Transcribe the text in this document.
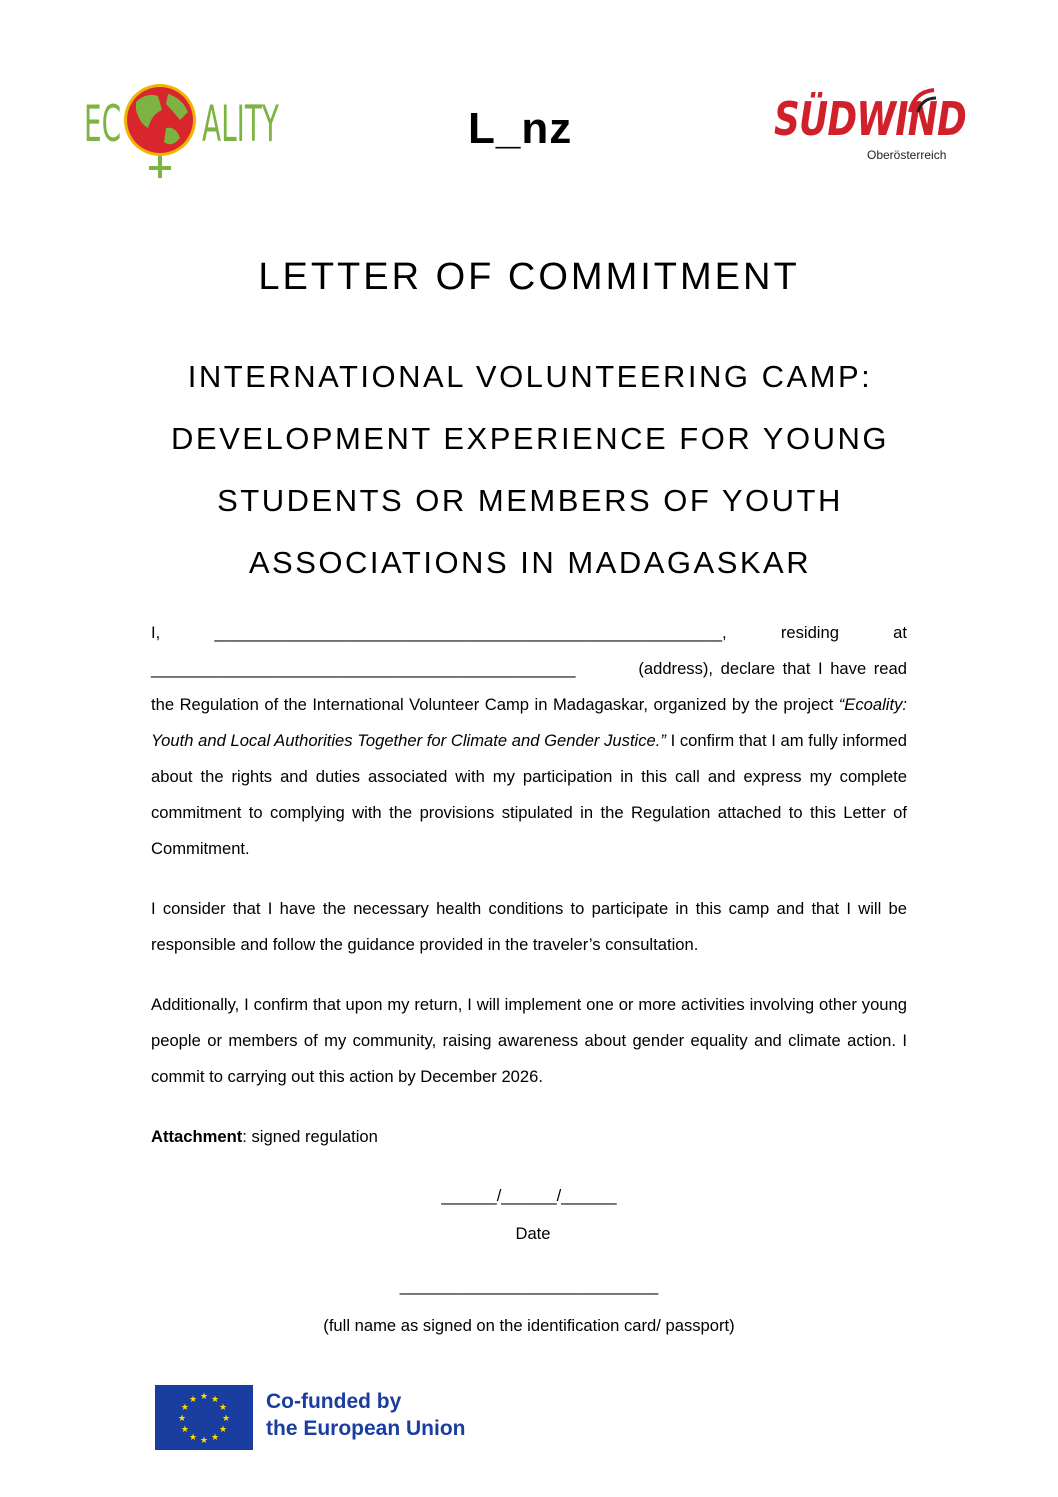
EC ALITY	L_nz	SÜDWIND
Oberösterreich
LETTER OF COMMITMENT
INTERNATIONAL VOLUNTEERING CAMP: DEVELOPMENT EXPERIENCE FOR YOUNG STUDENTS OR MEMBERS OF YOUTH ASSOCIATIONS IN MADAGASKAR
I,	_______________________________________________________,	residing	at
______________________________________________	(address), declare that I have read

the Regulation of the International Volunteer Camp in Madagaskar, organized by the project “Ecoality: Youth and Local Authorities Together for Climate and Gender Justice.” I confirm that I am fully informed about the rights and duties associated with my participation in this call and express my complete commitment to complying with the provisions stipulated in the Regulation attached to this Letter of Commitment.

I consider that I have the necessary health conditions to participate in this camp and that I will be responsible and follow the guidance provided in the traveler’s consultation.

Additionally, I confirm that upon my return, I will implement one or more activities involving other young people or members of my community, raising awareness about gender equality and climate action. I commit to carrying out this action by December 2026.

Attachment: signed regulation

______/______/______
Date
____________________________
(full name as signed on the identification card/ passport)
★ ★
★
★
★
★
★
★
★
★
★
★	Co-funded by
the European Union
